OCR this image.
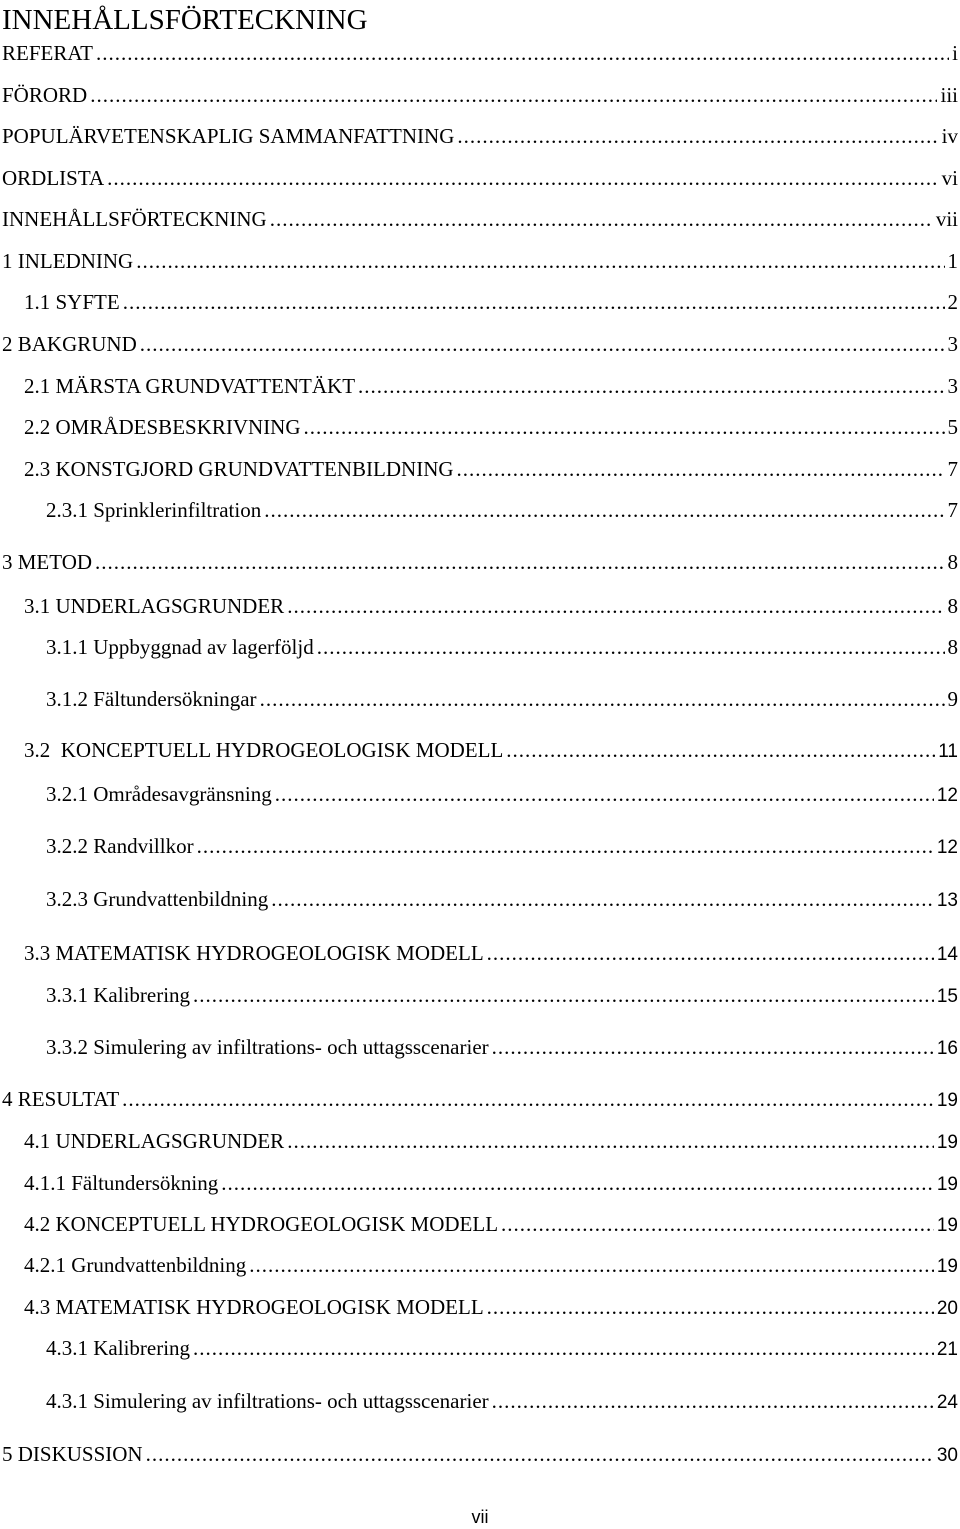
INNEHÅLLSFÖRTECKNING
REFERAT .....	i
FÖRORD .....	iii
POPULÄRVETENSKAPLIG SAMMANFATTNING .....	iv
ORDLISTA .....	vi
INNEHÅLLSFÖRTECKNING .....	vii
1 INLEDNING .....	1
1.1 SYFTE .....	2
2 BAKGRUND .....	3
2.1 MÄRSTA GRUNDVATTENTÄKT .....	3
2.2 OMRÅDESBESKRIVNING .....	5
2.3 KONSTGJORD GRUNDVATTENBILDNING .....	7
2.3.1 Sprinklerinfiltration .....	7
3 METOD .....	8
3.1 UNDERLAGSGRUNDER .....	8
3.1.1 Uppbyggnad av lagerföljd .....	8
3.1.2 Fältundersökningar .....	9
3.2  KONCEPTUELL HYDROGEOLOGISK MODELL .....	11
3.2.1 Områdesavgränsning .....	12
3.2.2 Randvillkor .....	12
3.2.3 Grundvattenbildning .....	13
3.3 MATEMATISK HYDROGEOLOGISK MODELL .....	14
3.3.1 Kalibrering .....	15
3.3.2 Simulering av infiltrations- och uttagsscenarier .....	16
4 RESULTAT .....	19
4.1 UNDERLAGSGRUNDER .....	19
4.1.1 Fältundersökning .....	19
4.2 KONCEPTUELL HYDROGEOLOGISK MODELL .....	19
4.2.1 Grundvattenbildning .....	19
4.3 MATEMATISK HYDROGEOLOGISK MODELL .....	20
4.3.1 Kalibrering .....	21
4.3.1 Simulering av infiltrations- och uttagsscenarier .....	24
5 DISKUSSION .....	30
vii
